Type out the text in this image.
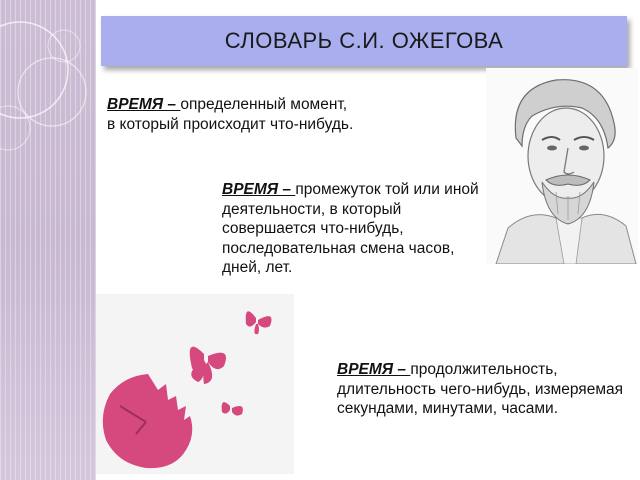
СЛОВАРЬ С.И. ОЖЕГОВА
ВРЕМЯ – определенный момент, в который происходит что-нибудь.
ВРЕМЯ – промежуток той или иной деятельности, в который совершается что-нибудь, последовательная смена часов, дней, лет.
ВРЕМЯ – продолжительность, длительность чего-нибудь, измеряемая секундами, минутами, часами.
